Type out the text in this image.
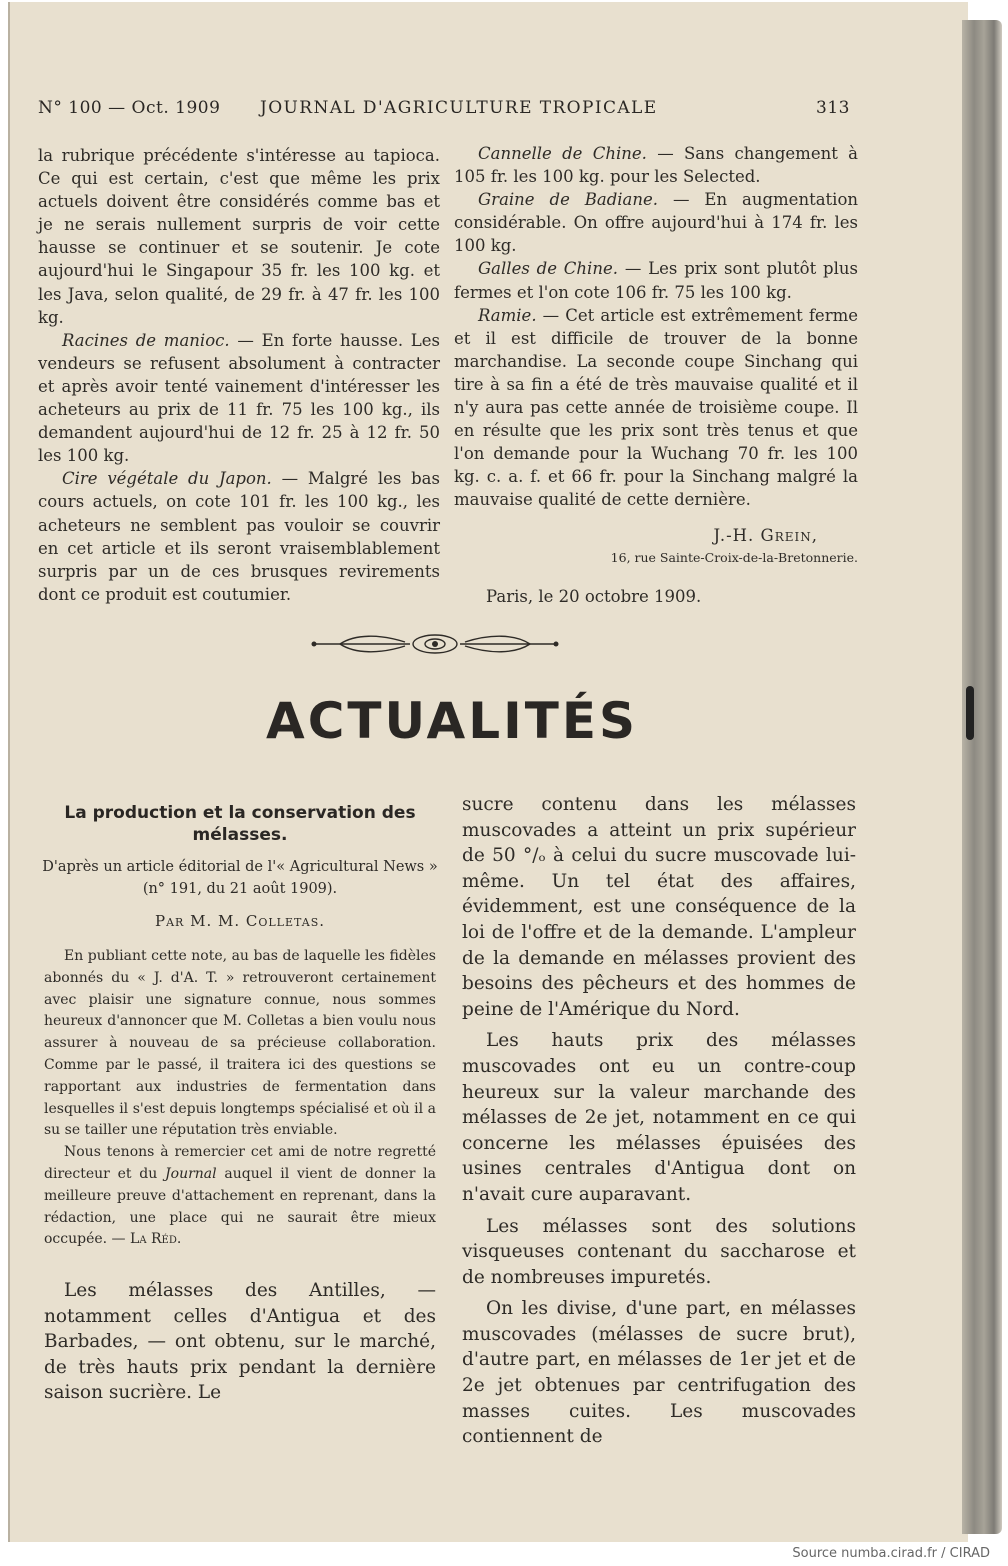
N° 100 — Oct. 1909 JOURNAL D'AGRICULTURE TROPICALE	313

la rubrique précédente s'intéresse au tapioca. Ce qui est certain, c'est que même les prix actuels doivent être considérés comme bas et je ne serais nullement surpris de voir cette hausse se continuer et se soutenir. Je cote aujourd'hui le Singapour 35 fr. les 100 kg. et les Java, selon qualité, de 29 fr. à 47 fr. les 100 kg.

Racines de manioc. — En forte hausse. Les vendeurs se refusent absolument à contracter et après avoir tenté vainement d'intéresser les acheteurs au prix de 11 fr. 75 les 100 kg., ils demandent aujourd'hui de 12 fr. 25 à 12 fr. 50 les 100 kg.

Cire végétale du Japon. — Malgré les bas cours actuels, on cote 101 fr. les 100 kg., les acheteurs ne semblent pas vouloir se couvrir en cet article et ils seront vraisemblablement surpris par un de ces brusques revirements dont ce produit est coutumier.

Cannelle de Chine. — Sans changement à 105 fr. les 100 kg. pour les Selected.

Graine de Badiane. — En augmentation considérable. On offre aujourd'hui à 174 fr. les 100 kg.

Galles de Chine. — Les prix sont plutôt plus fermes et l'on cote 106 fr. 75 les 100 kg.

Ramie. — Cet article est extrêmement ferme et il est difficile de trouver de la bonne marchandise. La seconde coupe Sinchang qui tire à sa fin a été de très mauvaise qualité et il n'y aura pas cette année de troisième coupe. Il en résulte que les prix sont très tenus et que l'on demande pour la Wuchang 70 fr. les 100 kg. c. a. f. et 66 fr. pour la Sinchang malgré la mauvaise qualité de cette dernière.

J.-H. Grein,

16, rue Sainte-Croix-de-la-Bretonnerie.

Paris, le 20 octobre 1909.

ACTUALITÉS
La production et la conservation des mélasses.
D'après un article éditorial de l'« Agricultural News » (n° 191, du 21 août 1909).
Par M. M. Colletas.

En publiant cette note, au bas de laquelle les fidèles abonnés du « J. d'A. T. » retrouveront certainement avec plaisir une signature connue, nous sommes heureux d'annoncer que M. Colletas a bien voulu nous assurer à nouveau de sa précieuse collaboration. Comme par le passé, il traitera ici des questions se rapportant aux industries de fermentation dans lesquelles il s'est depuis longtemps spécialisé et où il a su se tailler une réputation très enviable.

Nous tenons à remercier cet ami de notre regretté directeur et du Journal auquel il vient de donner la meilleure preuve d'attachement en reprenant, dans la rédaction, une place qui ne saurait être mieux occupée. — La Réd.

Les mélasses des Antilles, — notamment celles d'Antigua et des Barbades, — ont obtenu, sur le marché, de très hauts prix pendant la dernière saison sucrière. Le

sucre contenu dans les mélasses muscovades a atteint un prix supérieur de 50 °/ₒ à celui du sucre muscovade lui-même. Un tel état des affaires, évidemment, est une conséquence de la loi de l'offre et de la demande. L'ampleur de la demande en mélasses provient des besoins des pêcheurs et des hommes de peine de l'Amérique du Nord.

Les hauts prix des mélasses muscovades ont eu un contre-coup heureux sur la valeur marchande des mélasses de 2e jet, notamment en ce qui concerne les mélasses épuisées des usines centrales d'Antigua dont on n'avait cure auparavant.

Les mélasses sont des solutions visqueuses contenant du saccharose et de nombreuses impuretés.

On les divise, d'une part, en mélasses muscovades (mélasses de sucre brut), d'autre part, en mélasses de 1er jet et de 2e jet obtenues par centrifugation des masses cuites. Les muscovades contiennent de

Source numba.cirad.fr / CIRAD
